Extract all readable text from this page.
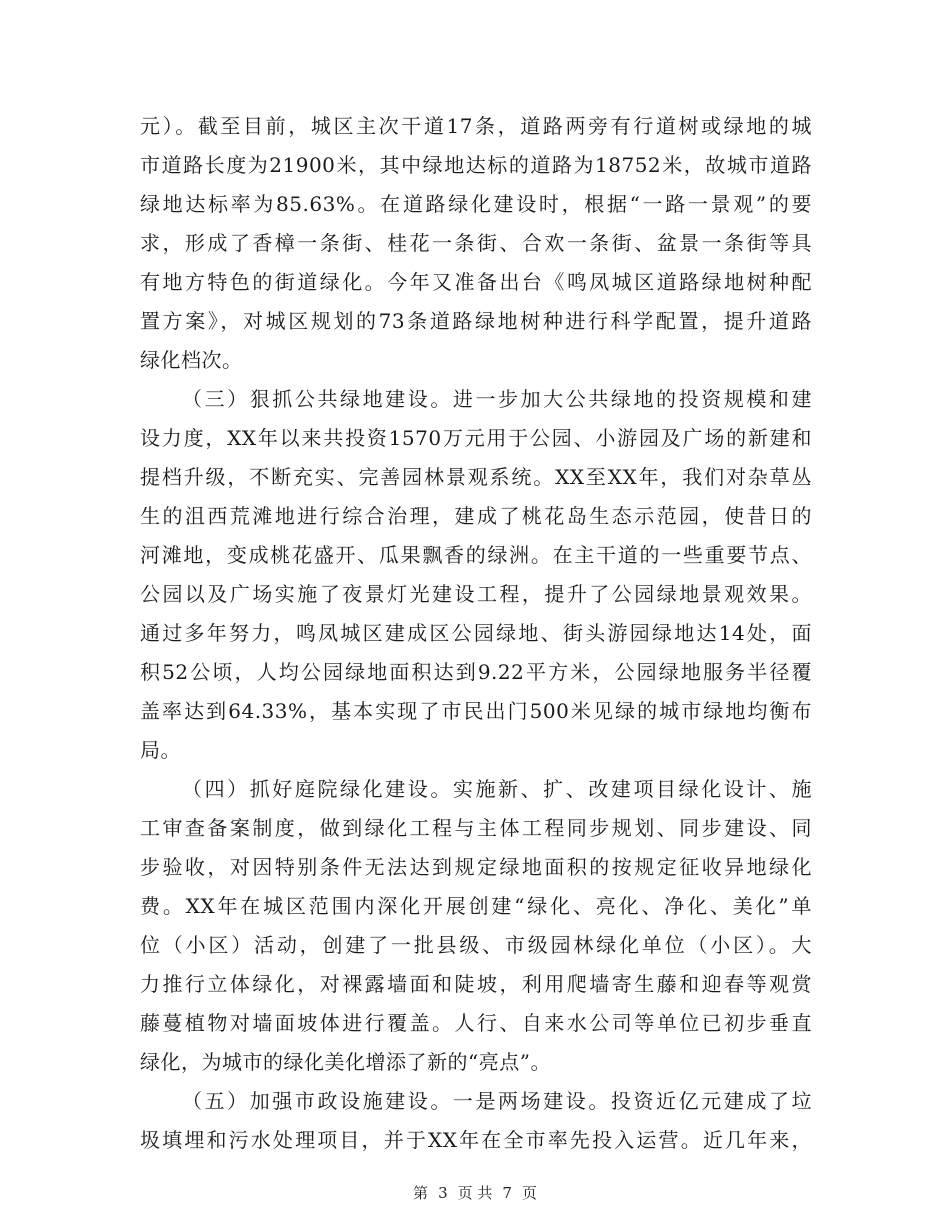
元）。截至目前，城区主次干道17条，道路两旁有行道树或绿地的城
市道路长度为21900米，其中绿地达标的道路为18752米，故城市道路
绿地达标率为85.63%。在道路绿化建设时，根据“一路一景观”的要
求，形成了香樟一条街、桂花一条街、合欢一条街、盆景一条街等具
有地方特色的街道绿化。今年又准备出台《鸣凤城区道路绿地树种配
置方案》，对城区规划的73条道路绿地树种进行科学配置，提升道路
绿化档次。
（三）狠抓公共绿地建设。进一步加大公共绿地的投资规模和建
设力度，XX年以来共投资1570万元用于公园、小游园及广场的新建和
提档升级，不断充实、完善园林景观系统。XX至XX年，我们对杂草丛
生的沮西荒滩地进行综合治理，建成了桃花岛生态示范园，使昔日的
河滩地，变成桃花盛开、瓜果飘香的绿洲。在主干道的一些重要节点、
公园以及广场实施了夜景灯光建设工程，提升了公园绿地景观效果。
通过多年努力，鸣凤城区建成区公园绿地、街头游园绿地达14处，面
积52公顷，人均公园绿地面积达到9.22平方米，公园绿地服务半径覆
盖率达到64.33%，基本实现了市民出门500米见绿的城市绿地均衡布
局。
（四）抓好庭院绿化建设。实施新、扩、改建项目绿化设计、施
工审查备案制度，做到绿化工程与主体工程同步规划、同步建设、同
步验收，对因特别条件无法达到规定绿地面积的按规定征收异地绿化
费。XX年在城区范围内深化开展创建“绿化、亮化、净化、美化”单
位（小区）活动，创建了一批县级、市级园林绿化单位（小区）。大
力推行立体绿化，对裸露墙面和陡坡，利用爬墙寄生藤和迎春等观赏
藤蔓植物对墙面坡体进行覆盖。人行、自来水公司等单位已初步垂直
绿化，为城市的绿化美化增添了新的“亮点”。
（五）加强市政设施建设。一是两场建设。投资近亿元建成了垃
圾填埋和污水处理项目，并于XX年在全市率先投入运营。近几年来，
第 3 页 共 7 页
